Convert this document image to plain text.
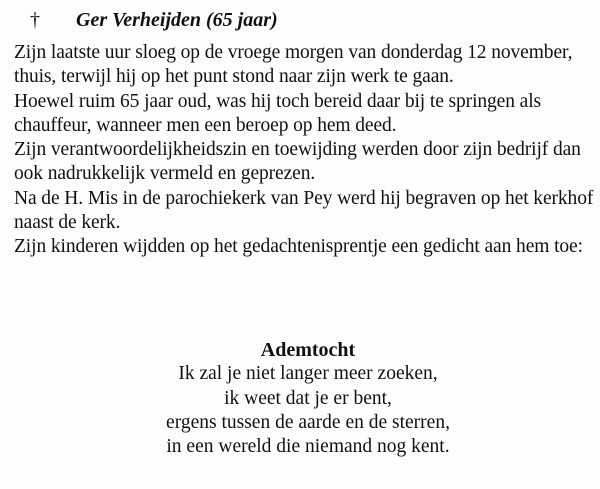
†	Ger Verheijden (65 jaar)

Zijn laatste uur sloeg op de vroege morgen van donderdag 12 november, thuis, terwijl hij op het punt stond naar zijn werk te gaan.

Hoewel ruim 65 jaar oud, was hij toch bereid daar bij te springen als chauffeur, wanneer men een beroep op hem deed.

Zijn verantwoordelijkheidszin en toewijding werden door zijn bedrijf dan ook nadrukkelijk vermeld en geprezen.

Na de H. Mis in de parochiekerk van Pey werd hij begraven op het kerkhof naast de kerk.

Zijn kinderen wijdden op het gedachtenisprentje een gedicht aan hem toe:

Ademtocht
Ik zal je niet langer meer zoeken,
ik weet dat je er bent,
ergens tussen de aarde en de sterren,
in een wereld die niemand nog kent.
